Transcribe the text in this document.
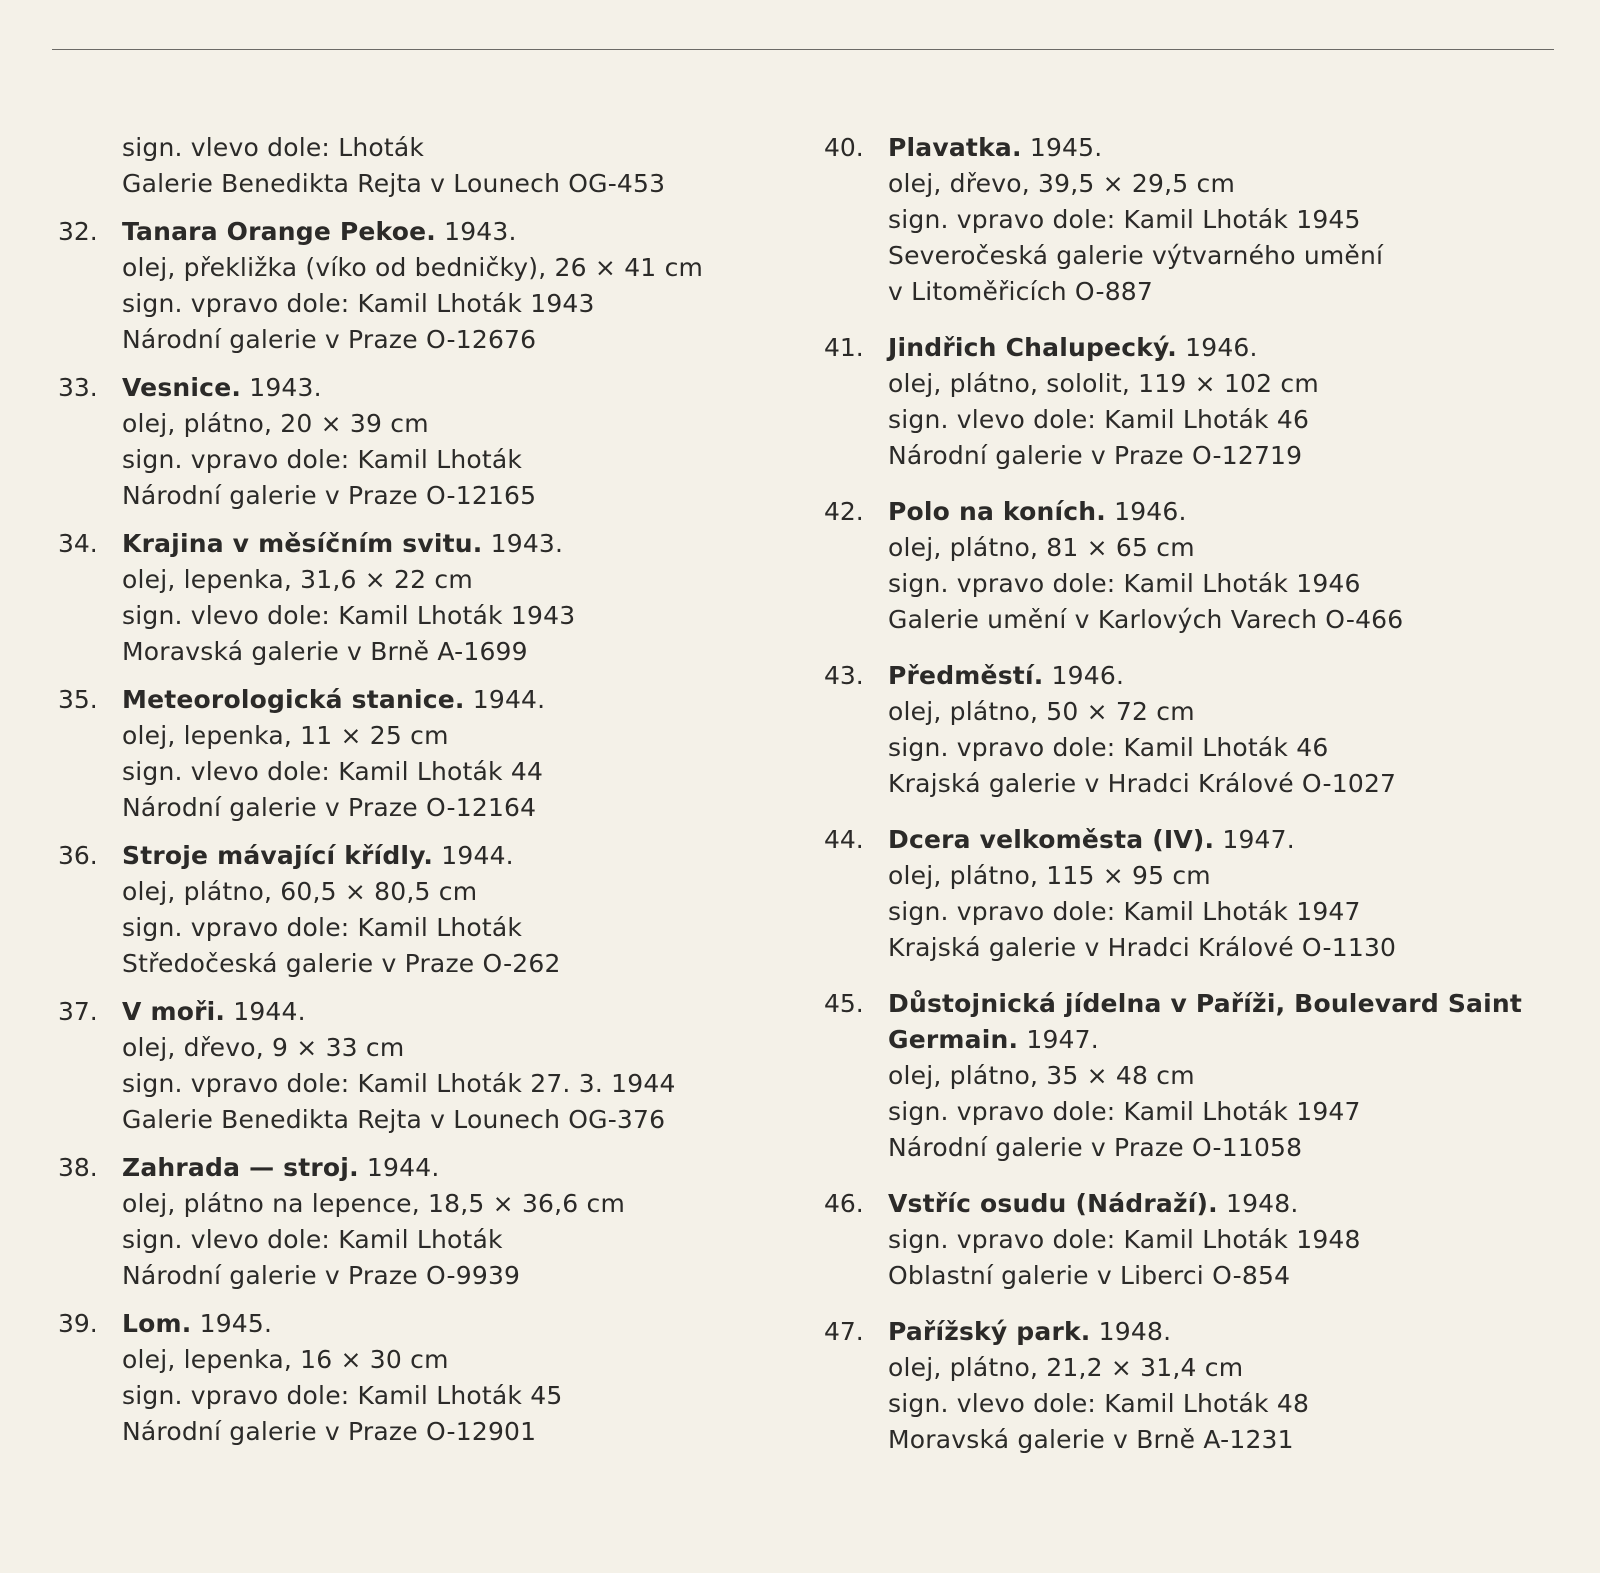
sign. vlevo dole: Lhoták
Galerie Benedikta Rejta v Lounech OG-453
32. Tanara Orange Pekoe. 1943.
olej, překližka (víko od bedničky), 26 × 41 cm
sign. vpravo dole: Kamil Lhoták 1943
Národní galerie v Praze O-12676
33. Vesnice. 1943.
olej, plátno, 20 × 39 cm
sign. vpravo dole: Kamil Lhoták
Národní galerie v Praze O-12165
34. Krajina v měsíčním svitu. 1943.
olej, lepenka, 31,6 × 22 cm
sign. vlevo dole: Kamil Lhoták 1943
Moravská galerie v Brně A-1699
35. Meteorologická stanice. 1944.
olej, lepenka, 11 × 25 cm
sign. vlevo dole: Kamil Lhoták 44
Národní galerie v Praze O-12164
36. Stroje mávající křídly. 1944.
olej, plátno, 60,5 × 80,5 cm
sign. vpravo dole: Kamil Lhoták
Středočeská galerie v Praze O-262
37. V moři. 1944.
olej, dřevo, 9 × 33 cm
sign. vpravo dole: Kamil Lhoták 27. 3. 1944
Galerie Benedikta Rejta v Lounech OG-376
38. Zahrada — stroj. 1944.
olej, plátno na lepence, 18,5 × 36,6 cm
sign. vlevo dole: Kamil Lhoták
Národní galerie v Praze O-9939
39. Lom. 1945.
olej, lepenka, 16 × 30 cm
sign. vpravo dole: Kamil Lhoták 45
Národní galerie v Praze O-12901
40. Plavatka. 1945.
olej, dřevo, 39,5 × 29,5 cm
sign. vpravo dole: Kamil Lhoták 1945
Severočeská galerie výtvarného umění
v Litoměřicích O-887
41. Jindřich Chalupecký. 1946.
olej, plátno, sololit, 119 × 102 cm
sign. vlevo dole: Kamil Lhoták 46
Národní galerie v Praze O-12719
42. Polo na koních. 1946.
olej, plátno, 81 × 65 cm
sign. vpravo dole: Kamil Lhoták 1946
Galerie umění v Karlových Varech O-466
43. Předměstí. 1946.
olej, plátno, 50 × 72 cm
sign. vpravo dole: Kamil Lhoták 46
Krajská galerie v Hradci Králové O-1027
44. Dcera velkoměsta (IV). 1947.
olej, plátno, 115 × 95 cm
sign. vpravo dole: Kamil Lhoták 1947
Krajská galerie v Hradci Králové O-1130
45. Důstojnická jídelna v Paříži, Boulevard Saint
Germain. 1947.
olej, plátno, 35 × 48 cm
sign. vpravo dole: Kamil Lhoták 1947
Národní galerie v Praze O-11058
46. Vstříc osudu (Nádraží). 1948.
sign. vpravo dole: Kamil Lhoták 1948
Oblastní galerie v Liberci O-854
47. Pařížský park. 1948.
olej, plátno, 21,2 × 31,4 cm
sign. vlevo dole: Kamil Lhoták 48
Moravská galerie v Brně A-1231
